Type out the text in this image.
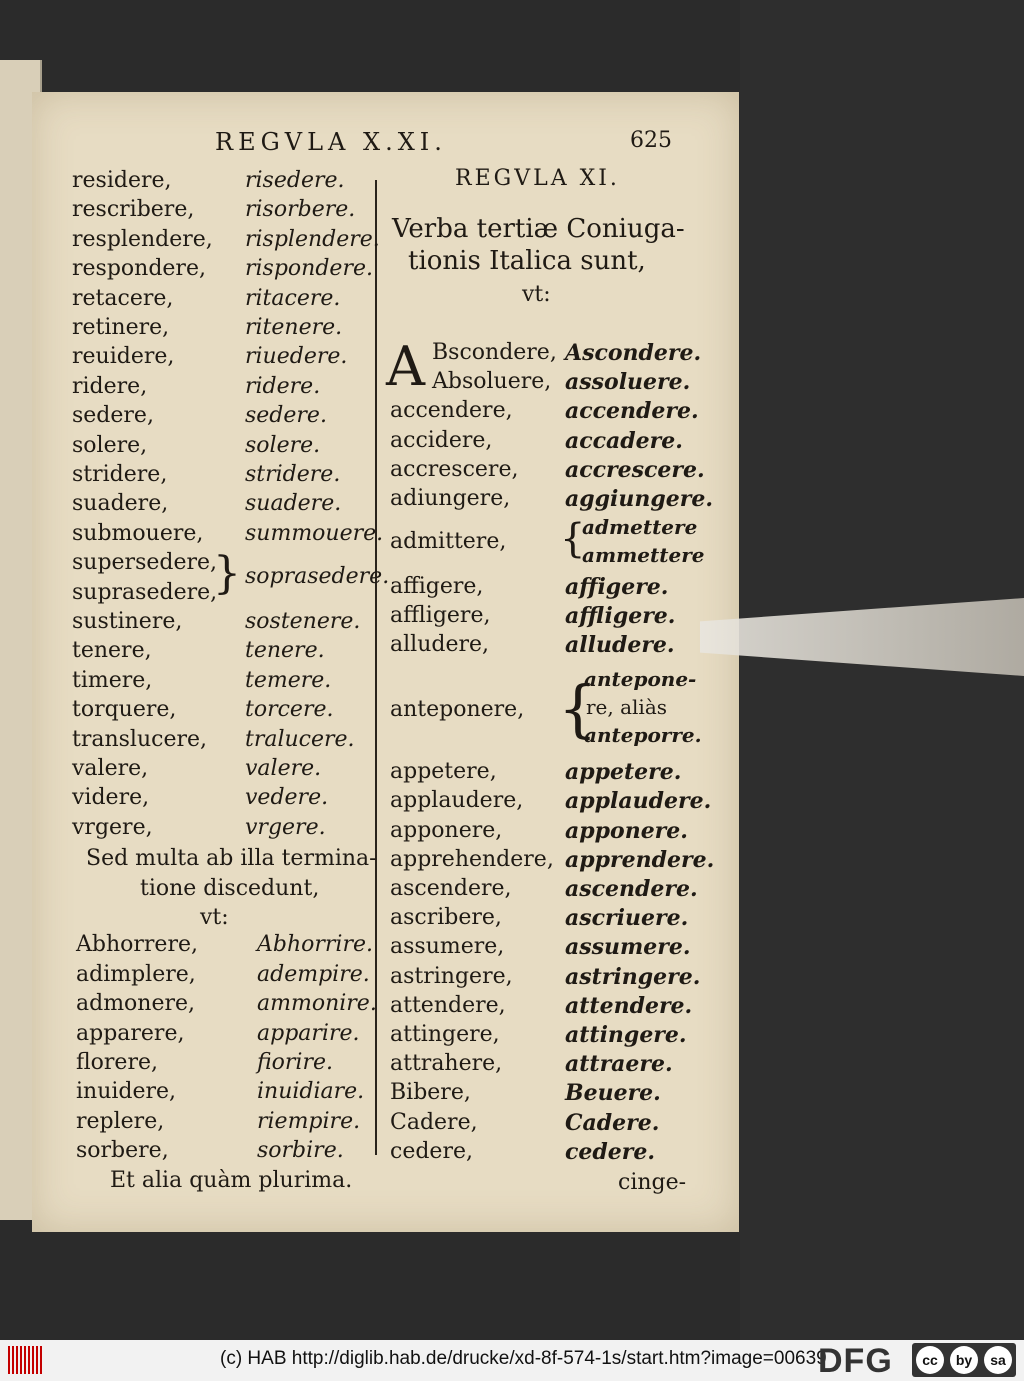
REGVLA X.XI.	625
residere,	risedere.
rescribere, risorbere.
resplendere, risplendere.
respondere, rispondere.
retacere,	ritacere.
retinere,	ritenere.
reuidere,	riuedere.
ridere,	ridere.
sedere,	sedere.
solere,	solere.
stridere,	stridere.
suadere,	suadere.
submouere, summouere.
supersedere,
suprasedere,
} soprasedere.
sustinere,	sostenere.
tenere,	tenere.
timere,	temere.
torquere,	torcere.
translucere, tralucere.
valere,	valere.
videre,	vedere.
vrgere,	vrgere.
Sed multa ab illa termina-
tione discedunt,
vt:
Abhorrere,	Abhorrire.
adimplere,	adempire.
admonere,	ammonire.
apparere,	apparire.
florere,	fiorire.
inuidere,	inuidiare.
replere,	riempire.
sorbere,	sorbire.
Et alia quàm plurima.
REGVLA XI.
Verba tertiæ Coniuga-
tionis Italica sunt,
vt:
A Bscondere, Ascondere.
Absoluere, assoluere.
accendere, accendere.
accidere,	accadere.
accrescere, accrescere.
adiungere, aggiungere.
admittere, {
admettere
ammettere
affigere,	affigere.
affligere,	affligere.
alludere,	alludere.
anteponere, {
antepone-
re, aliàs
anteporre.
appetere,	appetere.
applaudere, applaudere.
apponere,	apponere.
apprehendere, apprendere.
ascendere, ascendere.
ascribere,	ascriuere.
assumere,	assumere.
astringere, astringere.
attendere,	attendere.
attingere,	attingere.
attrahere,	attraere.
Bibere,	Beuere.
Cadere,	Cadere.
cedere,	cedere.
cinge-
(c) HAB http://diglib.hab.de/drucke/xd-8f-574-1s/start.htm?image=00639
DFG	cc	by	sa
